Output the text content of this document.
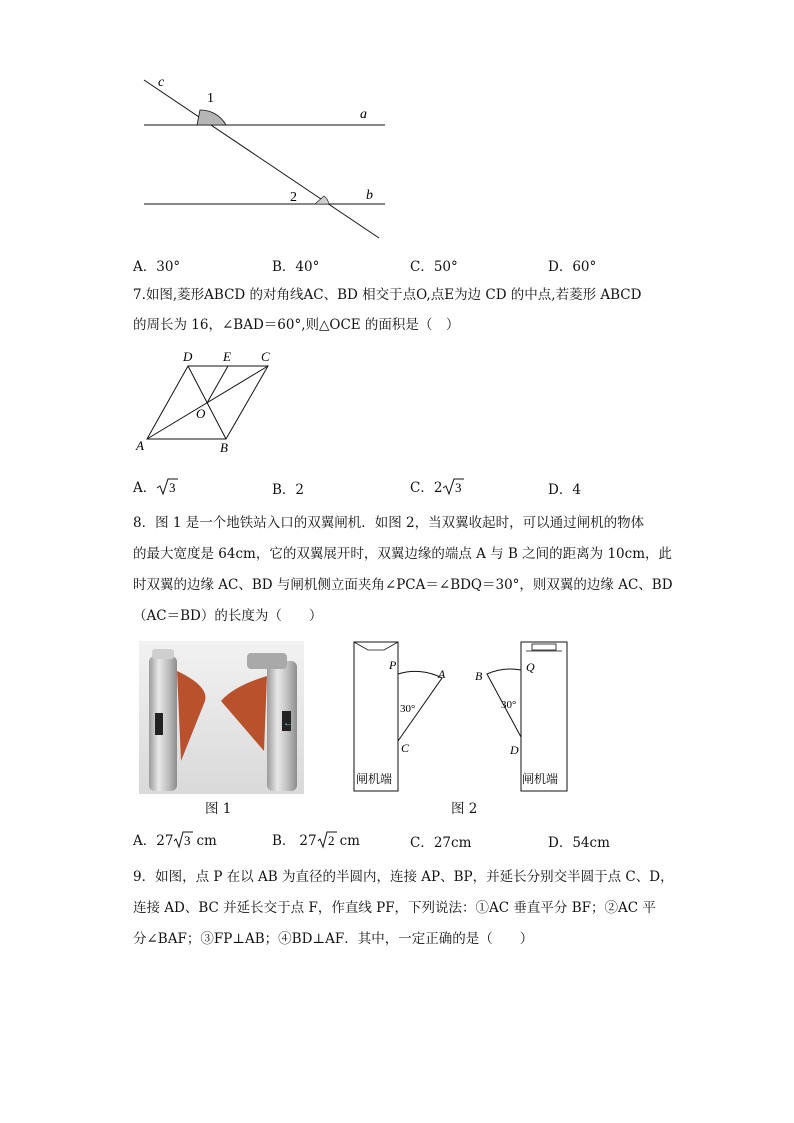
c
1
a
2	b
A．30°	B．40°	C．50°	D．60°
7.如图,菱形ABCD 的对角线AC、BD 相交于点O,点E为边 CD 的中点,若菱形 ABCD
的周长为 16，∠BAD＝60°,则△OCE 的面积是（　）
D E C
O
A	B
A． 3	B．2	C．2 3	D．4
8．图 1 是一个地铁站入口的双翼闸机．如图 2，当双翼收起时，可以通过闸机的物体
的最大宽度是 64cm，它的双翼展开时，双翼边缘的端点 A 与 B 之间的距离为 10cm，此
时双翼的边缘 AC、BD 与闸机侧立面夹角∠PCA＝∠BDQ＝30°，则双翼的边缘 AC、BD
（AC＝BD）的长度为（　　）
←
图 1
P
A
30°
C
闸机端
B
Q
30°
D
闸机端
图 2
A．27 3 cm	B． 27 2 cm	C．27cm	D．54cm
9．如图，点 P 在以 AB 为直径的半圆内，连接 AP、BP，并延长分别交半圆于点 C、D，
连接 AD、BC 并延长交于点 F，作直线 PF，下列说法：①AC 垂直平分 BF；②AC 平
分∠BAF；③FP⊥AB；④BD⊥AF．其中，一定正确的是（　　）
